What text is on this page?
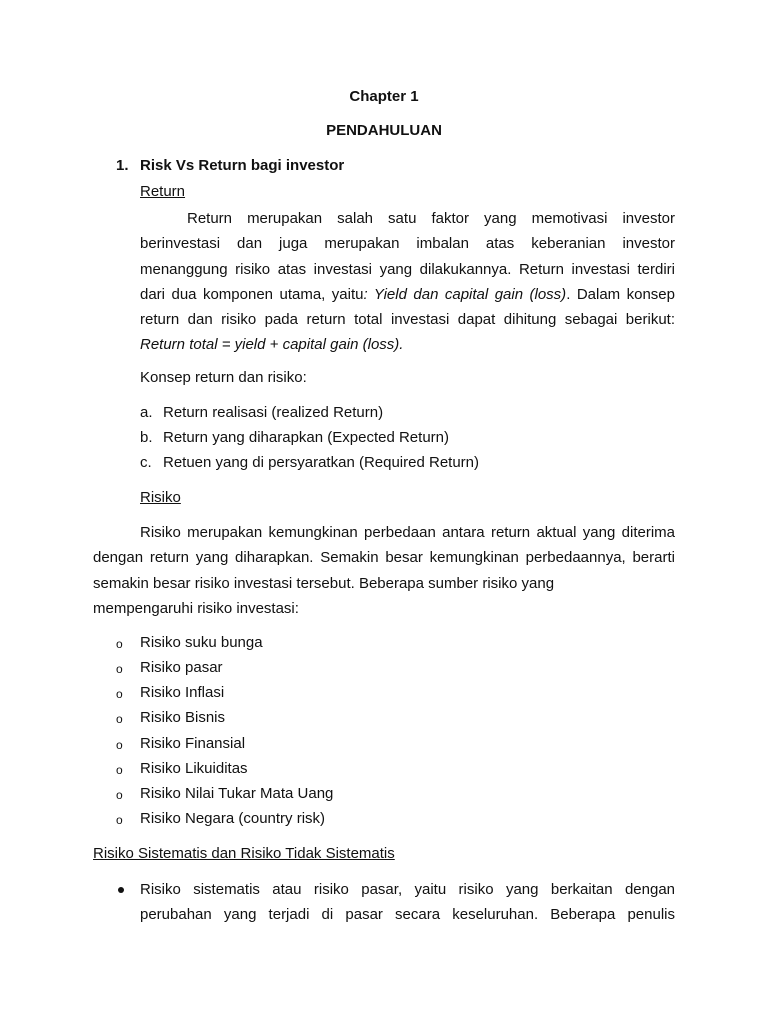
Chapter 1
PENDAHULUAN
1. Risk Vs Return bagi investor
Return
Return merupakan salah satu faktor yang memotivasi investor
berinvestasi dan juga merupakan imbalan atas keberanian investor
menanggung risiko atas investasi yang dilakukannya. Return investasi terdiri
dari dua komponen utama, yaitu: Yield dan capital gain (loss). Dalam konsep
return dan risiko pada return total investasi dapat dihitung sebagai berikut:
Return total = yield + capital gain (loss).
Konsep return dan risiko:
a. Return realisasi (realized Return)
b. Return yang diharapkan (Expected Return)
c. Retuen yang di persyaratkan (Required Return)
Risiko
Risiko merupakan kemungkinan perbedaan antara return aktual yang diterima
dengan return yang diharapkan. Semakin besar kemungkinan perbedaannya, berarti
semakin besar risiko investasi tersebut. Beberapa sumber risiko yang
mempengaruhi risiko investasi:
o Risiko suku bunga
o Risiko pasar
o Risiko Inflasi
o Risiko Bisnis
o Risiko Finansial
o Risiko Likuiditas
o Risiko Nilai Tukar Mata Uang
o Risiko Negara (country risk)
Risiko Sistematis dan Risiko Tidak Sistematis
Risiko sistematis atau risiko pasar, yaitu risiko yang berkaitan dengan
perubahan yang terjadi di pasar secara keseluruhan. Beberapa penulis
